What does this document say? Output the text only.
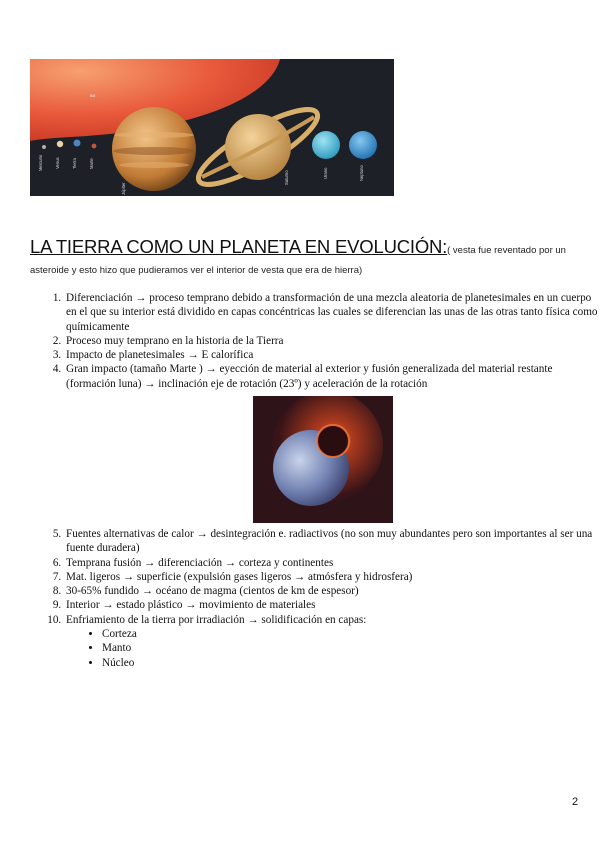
Sol
Mercurio	Venus	Tierra	Marte
Júpiter
Saturno	Urano	Neptuno
LA TIERRA COMO UN PLANETA EN EVOLUCIÓN:( vesta fue reventado por un
asteroide y esto hizo que pudieramos ver el interior de vesta que era de hierra)
1. Diferenciación → proceso temprano debido a transformación de una mezcla aleatoria de planetesimales en un cuerpo en el que su interior está dividido en capas concéntricas las cuales se diferencian las unas de las otras tanto física como químicamente
2. Proceso muy temprano en la historia de la Tierra
3. Impacto de planetesimales → E calorífica
4. Gran impacto (tamaño Marte ) → eyección de material al exterior y fusión generalizada del material restante (formación luna) → inclinación eje de rotación (23º) y aceleración de la rotación
5. Fuentes alternativas de calor → desintegración e. radiactivos (no son muy abundantes pero son importantes al ser una fuente duradera)
6. Temprana fusión → diferenciación → corteza y continentes
7. Mat. ligeros → superficie (expulsión gases ligeros → atmósfera y hidrosfera)
8. 30-65% fundido → océano de magma (cientos de km de espesor)
9. Interior → estado plástico → movimiento de materiales
10. Enfriamiento de la tierra por irradiación → solidificación en capas:
• Corteza
• Manto
• Núcleo
2
